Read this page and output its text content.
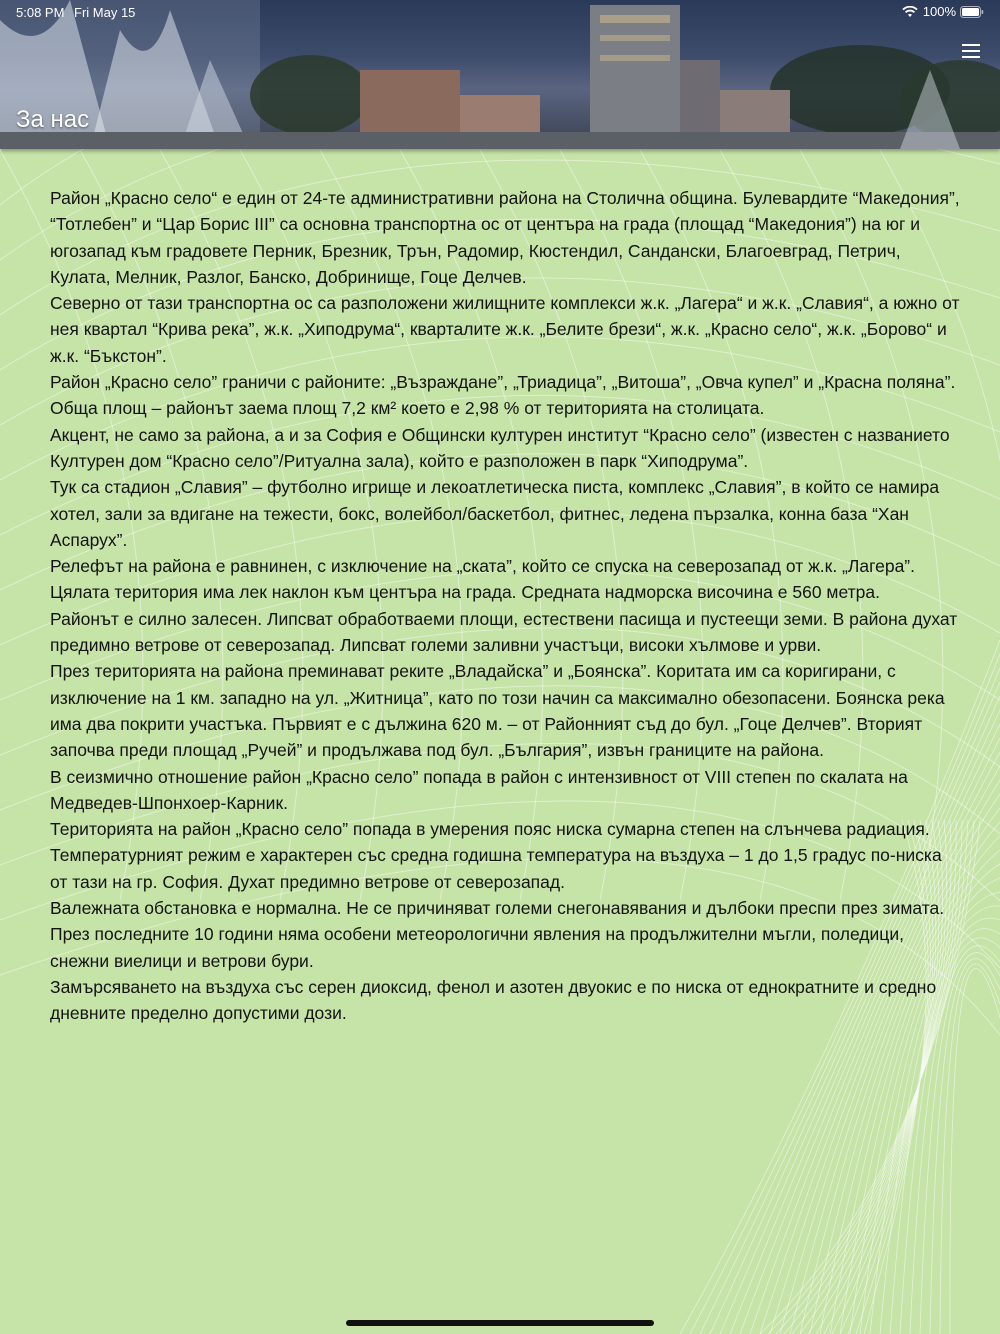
5:08 PM Fri May 15	100%
За нас

Район „Красно село“ е един от 24-те административни района на Столична община. Булевардите “Македония”, “Тотлебен” и “Цар Борис III” са основна транспортна ос от центъра на града (площад “Македония”) на юг и югозапад към градовете Перник, Брезник, Трън, Радомир, Кюстендил, Сандански, Благоевград, Петрич, Кулата, Мелник, Разлог, Банско, Добринище, Гоце Делчев.

Северно от тази транспортна ос са разположени жилищните комплекси ж.к. „Лагера“ и ж.к. „Славия“, а южно от нея квартал “Крива река”, ж.к. „Хиподрума“, кварталите ж.к. „Белите брези“, ж.к. „Красно село“, ж.к. „Борово“ и ж.к. “Бъкстон”.

Район „Красно село” граничи с районите: „Възраждане”, „Триадица”, „Витоша”, „Овча купел” и „Красна поляна”.

Обща площ – районът заема площ 7,2 км² което е 2,98 % от територията на столицата.

Акцент, не само за района, а и за София е Общински културен институт “Красно село” (известен с названието Културен дом “Красно село”/Ритуална зала), който е разположен в парк “Хиподрума”.

Тук са стадион „Славия” – футболно игрище и лекоатлетическа писта, комплекс „Славия”, в който се намира хотел, зали за вдигане на тежести, бокс, волейбол/баскетбол, фитнес, ледена пързалка, конна база “Хан Аспарух”.

Релефът на района е равнинен, с изключение на „ската”, който се спуска на северозапад от ж.к. „Лагера”. Цялата територия има лек наклон към центъра на града. Средната надморска височина е 560 метра.

Районът е силно залесен. Липсват обработваеми площи, естествени пасища и пустеещи земи. В района духат предимно ветрове от северозапад. Липсват големи заливни участъци, високи хълмове и урви.

През територията на района преминават реките „Владайска” и „Боянска”. Коритата им са коригирани, с изключение на 1 км. западно на ул. „Житница”, като по този начин са максимално обезопасени. Боянска река има два покрити участъка. Първият е с дължина 620 м. – от Районният съд до бул. „Гоце Делчев”. Вторият започва преди площад „Ручей” и продължава под бул. „България”, извън границите на района.

В сеизмично отношение район „Красно село” попада в район с интензивност от VIII степен по скалата на Медведев-Шпонхоер-Карник.

Територията на район „Красно село” попада в умерения пояс ниска сумарна степен на слънчева радиация. Температурният режим е характерен със средна годишна температура на въздуха – 1 до 1,5 градус по-ниска от тази на гр. София. Духат предимно ветрове от северозапад.

Валежната обстановка е нормална. Не се причиняват големи снегонавявания и дълбоки преспи през зимата. През последните 10 години няма особени метеорологични явления на продължителни мъгли, поледици, снежни виелици и ветрови бури.

Замърсяването на въздуха със серен диоксид, фенол и азотен двуокис е по ниска от еднократните и средно дневните пределно допустими дози.
